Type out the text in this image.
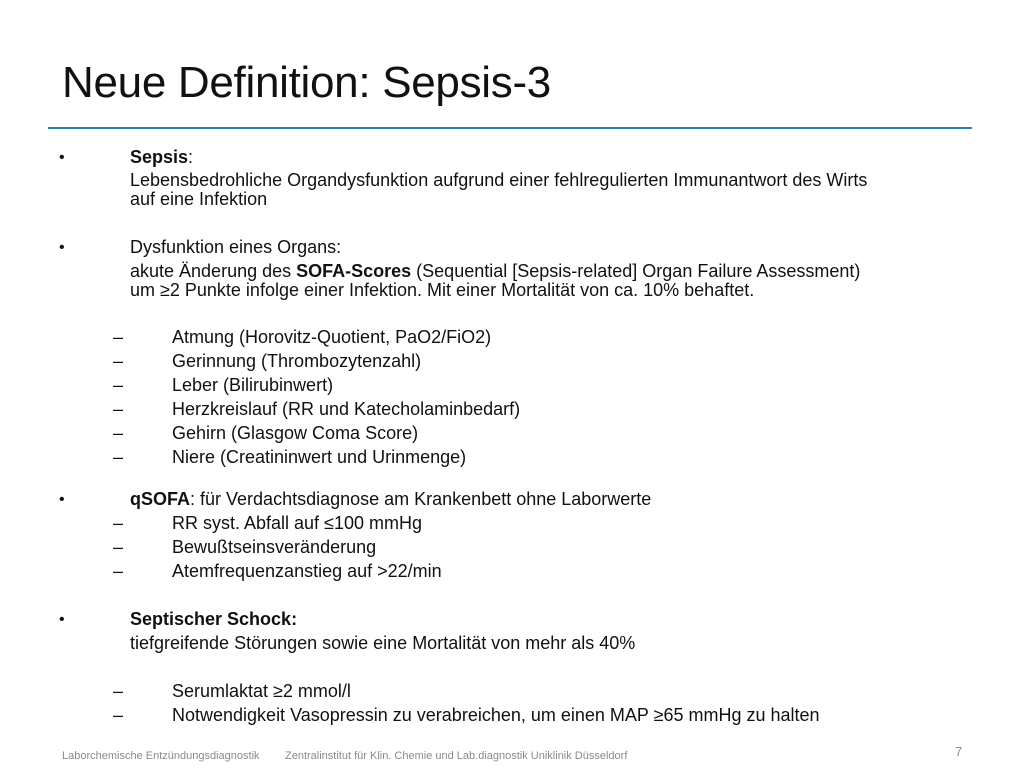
Neue Definition: Sepsis-3
•	Sepsis:
Lebensbedrohliche Organdysfunktion aufgrund einer fehlregulierten Immunantwort des Wirts
auf eine Infektion
•	Dysfunktion eines Organs:
akute Änderung des SOFA-Scores (Sequential [Sepsis-related] Organ Failure Assessment)
um ≥2 Punkte infolge einer Infektion. Mit einer Mortalität von ca. 10% behaftet.
–	Atmung (Horovitz-Quotient, PaO2/FiO2)
–	Gerinnung (Thrombozytenzahl)
–	Leber (Bilirubinwert)
–	Herzkreislauf (RR und Katecholaminbedarf)
–	Gehirn (Glasgow Coma Score)
–	Niere (Creatininwert und Urinmenge)
•	qSOFA: für Verdachtsdiagnose am Krankenbett ohne Laborwerte
–	RR syst. Abfall auf ≤100 mmHg
–	Bewußtseinsveränderung
–	Atemfrequenzanstieg auf >22/min
•	Septischer Schock:
tiefgreifende Störungen sowie eine Mortalität von mehr als 40%
–	Serumlaktat ≥2 mmol/l
–	Notwendigkeit Vasopressin zu verabreichen, um einen MAP ≥65 mmHg zu halten
Laborchemische Entzündungsdiagnostik Zentralinstitut für Klin. Chemie und Lab.diagnostik Uniklinik Düsseldorf	7
